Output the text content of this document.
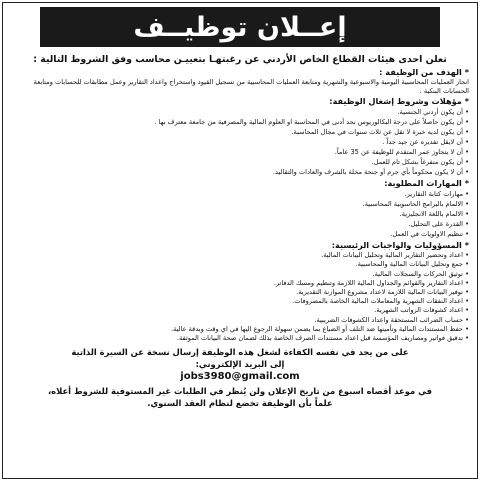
إعــلان توظيــف
تعلن احدى هيئات القطاع الخاص الأردني عن رغبتهـا بتعييـن محاسب وفق الشروط التالية :
* الهدف من الوظيفة :
انجاز العمليات المحاسبية اليومية والاسبوعية والشهرية ومتابعة العمليات المحاسبية من تسجيل القيود واستخراج واعداد التقارير وعمل مطابقات للحسابات ومتابعة الحسابات البنكية .
* مؤهلات وشروط إشغال الوظيفة:
• أن يكون أردني الجنسية.
• أن يكون حاصلاً على درجة البكالوريوس بحد أدنى في المحاسبة او العلوم المالية والمصرفية من جامعة معترف بها .
• أن يكون لديه خبرة لا تقل عن ثلاث سنوات في مجال المحاسبة.
• أن لايقل تقديره عن جيد جداً .
• أن لا يتجاوز عمر المتقدم للوظيفة عن 35 عاماً.
• أن يكون متفرغاً بشكل تام للعمل.
• أن لا يكون محكوماً بأي جرم أو جنحة مخلة بالشرف والعادات والتقاليد.
* المهارات المطلوبة:
• مهارات كتابة التقارير.
• الالمام بالبرامج الحاسوبية المحاسبية.
• الالمام باللغة الانجليزية.
• القدرة على التحليل.
• تنظيم الاولويات في العمل.
* المسؤوليات والواجبات الرئيسية:
• اعداد وتحضير التقارير المالية وتحليل البيانات المالية.
• جمع وتحليل البيانات المالية والمحاسبية.
• توثيق الحركات والسجلات المالية.
• اعداد التقارير والقوائم والجداول المالية اللازمة وتنظيم ومسك الدفاتر.
• توفير البيانات المالية اللازمة لاعداد مشروع الموازنة التقديرية.
• اعداد النفقات الشهرية والمعاملات المالية الخاصة بالمصروفات.
• اعداد كشوفات الرواتب الشهرية.
• حساب الضرائب المستحقة واعداد الكشوفات الضريبية.
• حفظ المستندات المالية وتأمينها ضد التلف أو الضياع بما يضمن سهولة الرجوع اليها في اي وقت وبدقة عالية.
• تدقيق فواتير ومصاريف المؤسسة قبل اعداد مستندات الصرف الخاصة بذلك لضمان صحة البيانات الموثقة.
على من يجد في نفسه الكفاءة لشغل هذه الوظيفة إرسال نسخة عن السيرة الذاتية
إلى البريد الإلكتروني:
jobs3980@gmail.com
في موعد أقصاه اسبوع من تاريخ الإعلان ولن يُنظر في الطلبات غير المستوفية للشروط أعلاه،
علماً بأن الوظيفة تخضع لنظام العقد السنوي.
